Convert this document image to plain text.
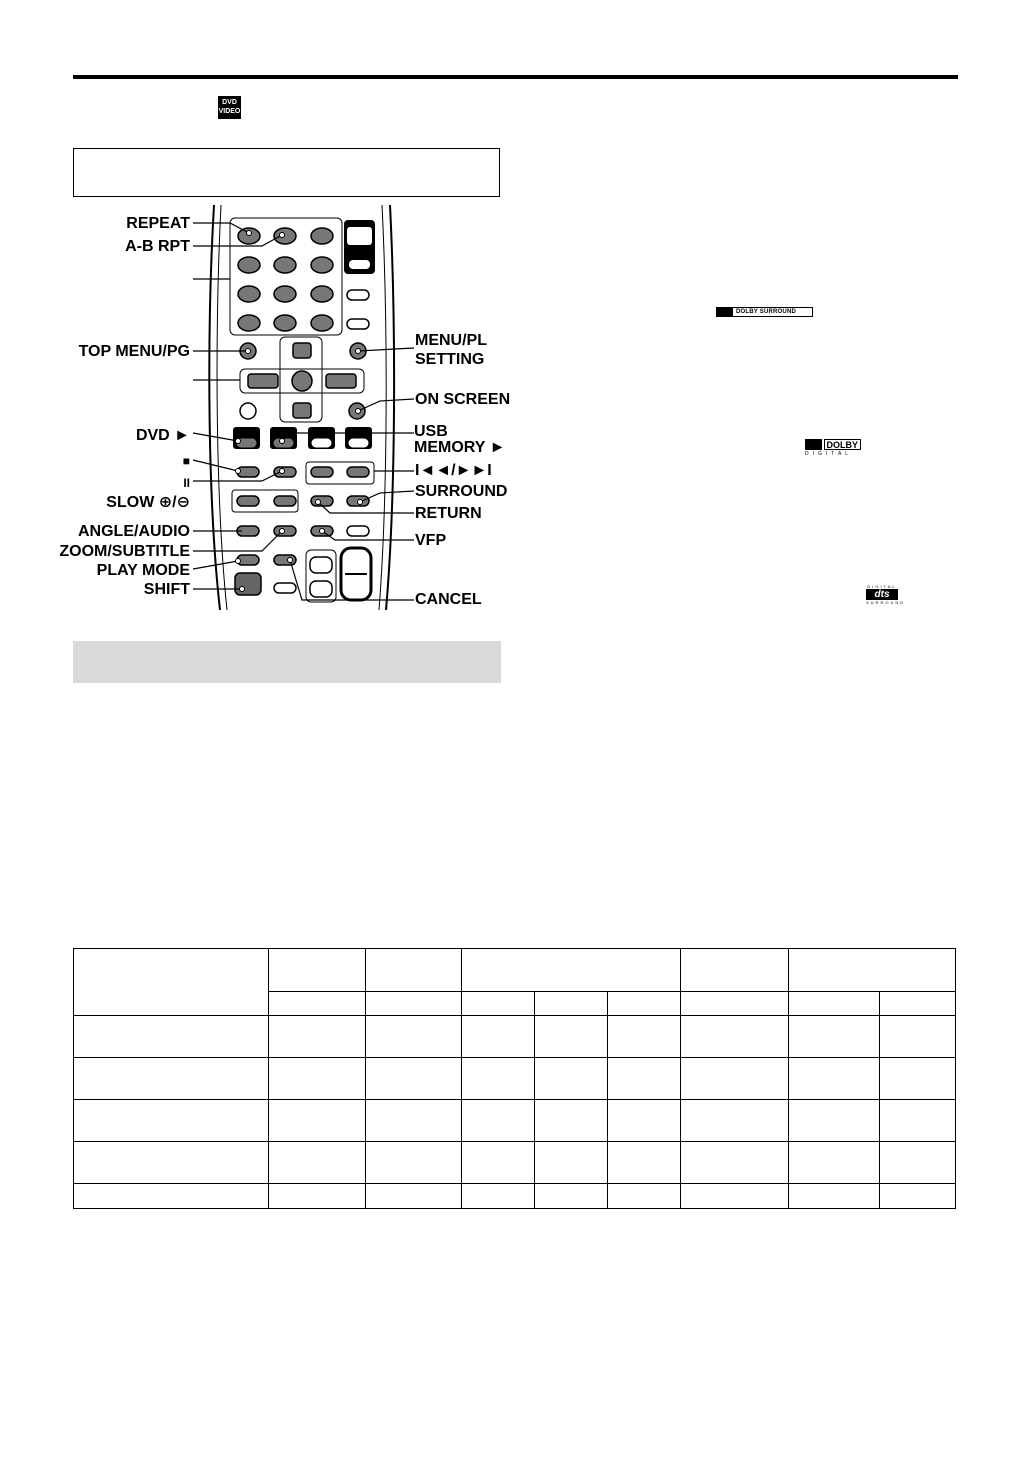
DVD
VIDEO
REPEAT
A-B RPT
TOP MENU/PG
DVD ►
■
II
SLOW ⊕/⊖
ANGLE/AUDIO
ZOOM/SUBTITLE
PLAY MODE
SHIFT
MENU/PL
SETTING
ON SCREEN
USB
MEMORY ►
I◄◄/►►I
SURROUND
RETURN
VFP
CANCEL
DOLBY SURROUND
DOLBY
DIGITAL
DIGITAL
dts
SURROUND
